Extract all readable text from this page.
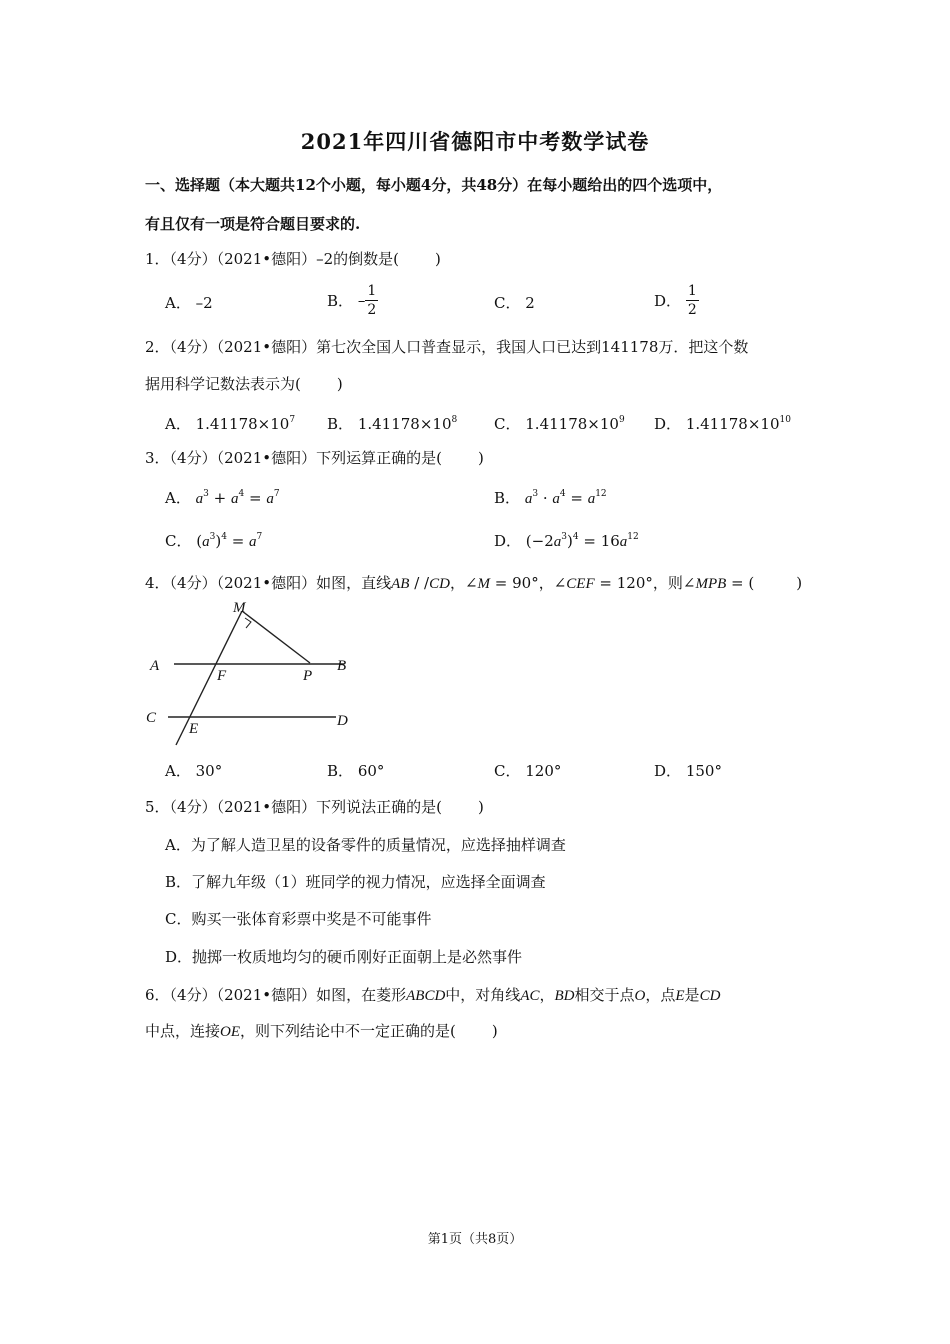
2021年四川省德阳市中考数学试卷
一、选择题（本大题共12个小题，每小题4分，共48分）在每小题给出的四个选项中，
有且仅有一项是符合题目要求的.
1．（4分）（2021•德阳）–2的倒数是( )
A． –2	B． – $\frac{1}{2}$	C． 2	D． $\frac{1}{2}$
2．（4分）（2021•德阳）第七次全国人口普查显示，我国人口已达到141178万．把这个数
据用科学记数法表示为( )
A． $1.41178\times 10^7$ B． $1.41178\times 10^8$ C． $1.41178\times 10^9$ D． $1.41178\times 10^{10}$
3．（4分）（2021•德阳）下列运算正确的是( )
A． $a^3 + a^4 = a^7$	B． $a^3 \cdot a^4 = a^{12}$
C． $(a^3)^4 = a^7$	D． $(-2a^3)^4 = 16a^{12}$
4．（4分）（2021•德阳）如图，直线AB / /CD，∠M = 90°，∠CEF = 120°，则∠MPB = (	)
M
A	B
C	D
E
F	P
A． 30°	B． 60°	C． 120°	D． 150°
5．（4分）（2021•德阳）下列说法正确的是( )
A．为了解人造卫星的设备零件的质量情况，应选择抽样调查
B．了解九年级（1）班同学的视力情况，应选择全面调查
C．购买一张体育彩票中奖是不可能事件
D．抛掷一枚质地均匀的硬币刚好正面朝上是必然事件
6．（4分）（2021•德阳）如图，在菱形ABCD中，对角线AC，BD相交于点O，点E是CD
中点，连接OE，则下列结论中不一定正确的是( )
第1页（共8页）
